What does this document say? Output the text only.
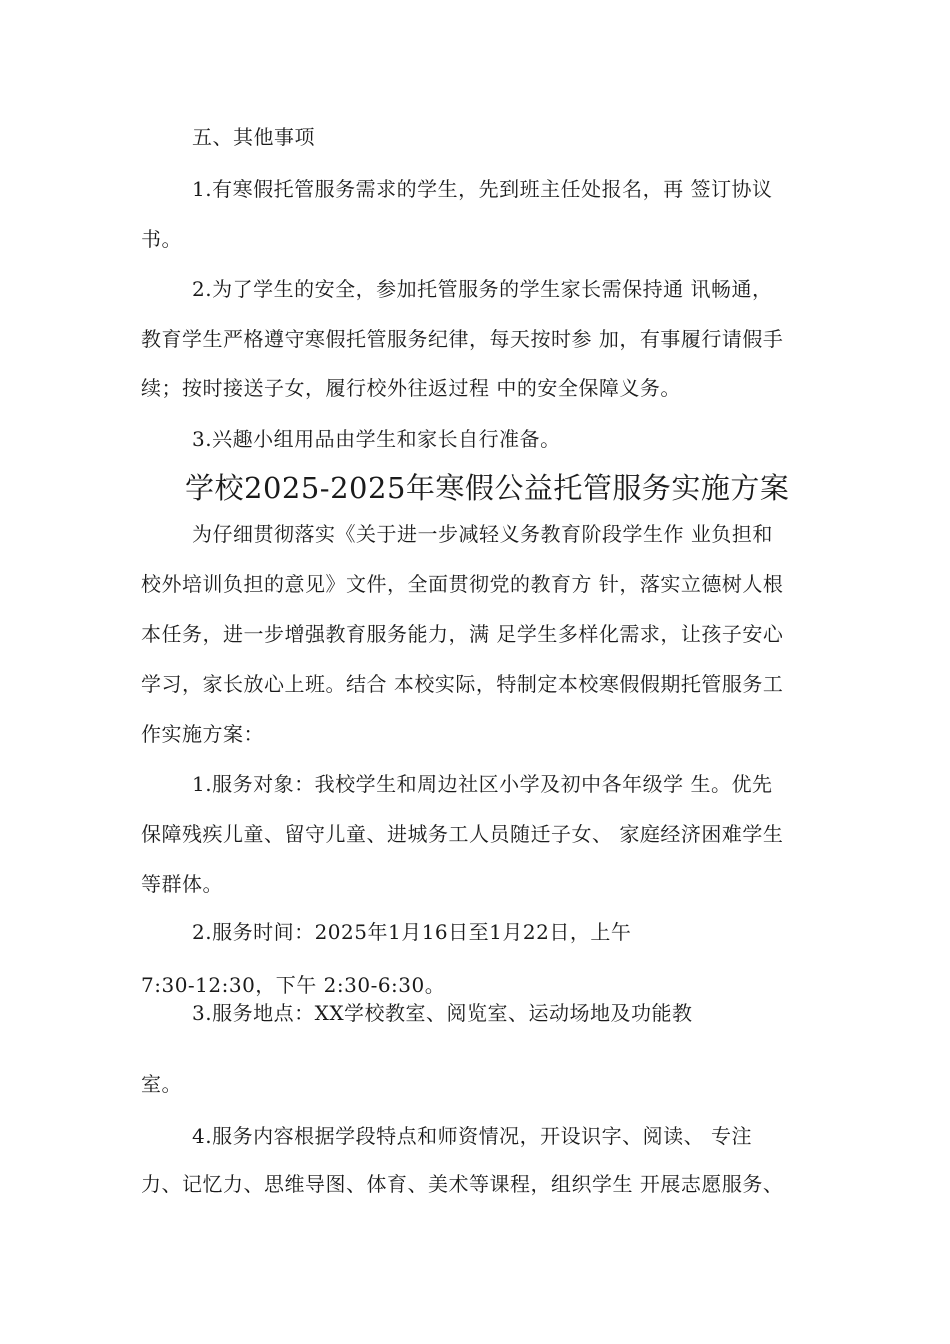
五、其他事项

1.有寒假托管服务需求的学生，先到班主任处报名，再 签订协议

书。

2.为了学生的安全，参加托管服务的学生家长需保持通 讯畅通，

教育学生严格遵守寒假托管服务纪律，每天按时参 加，有事履行请假手

续；按时接送子女，履行校外往返过程 中的安全保障义务。

3.兴趣小组用品由学生和家长自行准备。

学校2025-2025年寒假公益托管服务实施方案

为仔细贯彻落实《关于进一步减轻义务教育阶段学生作 业负担和

校外培训负担的意见》文件，全面贯彻党的教育方 针，落实立德树人根

本任务，进一步增强教育服务能力，满 足学生多样化需求，让孩子安心

学习，家长放心上班。结合 本校实际，特制定本校寒假假期托管服务工

作实施方案：

1.服务对象：我校学生和周边社区小学及初中各年级学 生。优先

保障残疾儿童、留守儿童、进城务工人员随迁子女、 家庭经济困难学生

等群体。

2.服务时间：2025年1月16日至1月22日，上午

7:30-12:30，下午 2:30-6:30。

3.服务地点：XX学校教室、阅览室、运动场地及功能教

室。

4.服务内容根据学段特点和师资情况，开设识字、阅读、 专注

力、记忆力、思维导图、体育、美术等课程，组织学生 开展志愿服务、
